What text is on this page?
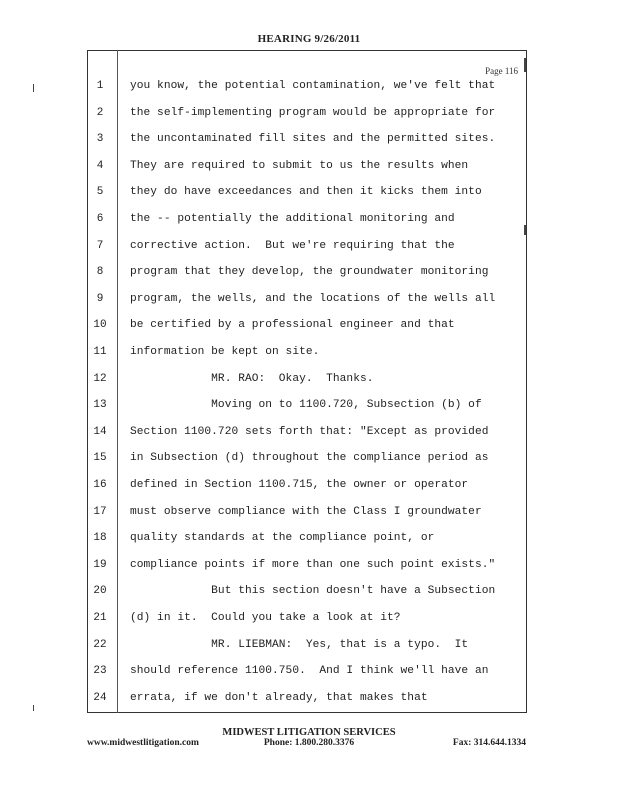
HEARING 9/26/2011
Page 116
1	you know, the potential contamination, we've felt that
2	the self-implementing program would be appropriate for
3	the uncontaminated fill sites and the permitted sites.
4	They are required to submit to us the results when
5	they do have exceedances and then it kicks them into
6	the -- potentially the additional monitoring and
7	corrective action.  But we're requiring that the
8	program that they develop, the groundwater monitoring
9	program, the wells, and the locations of the wells all
10	be certified by a professional engineer and that
11	information be kept on site.
12	MR. RAO:  Okay.  Thanks.
13	Moving on to 1100.720, Subsection (b) of
14	Section 1100.720 sets forth that: "Except as provided
15	in Subsection (d) throughout the compliance period as
16	defined in Section 1100.715, the owner or operator
17	must observe compliance with the Class I groundwater
18	quality standards at the compliance point, or
19	compliance points if more than one such point exists."
20	But this section doesn't have a Subsection
21	(d) in it.  Could you take a look at it?
22	MR. LIEBMAN:  Yes, that is a typo.  It
23	should reference 1100.750.  And I think we'll have an
24	errata, if we don't already, that makes that
MIDWEST LITIGATION SERVICES
www.midwestlitigation.com	Phone: 1.800.280.3376	Fax: 314.644.1334
